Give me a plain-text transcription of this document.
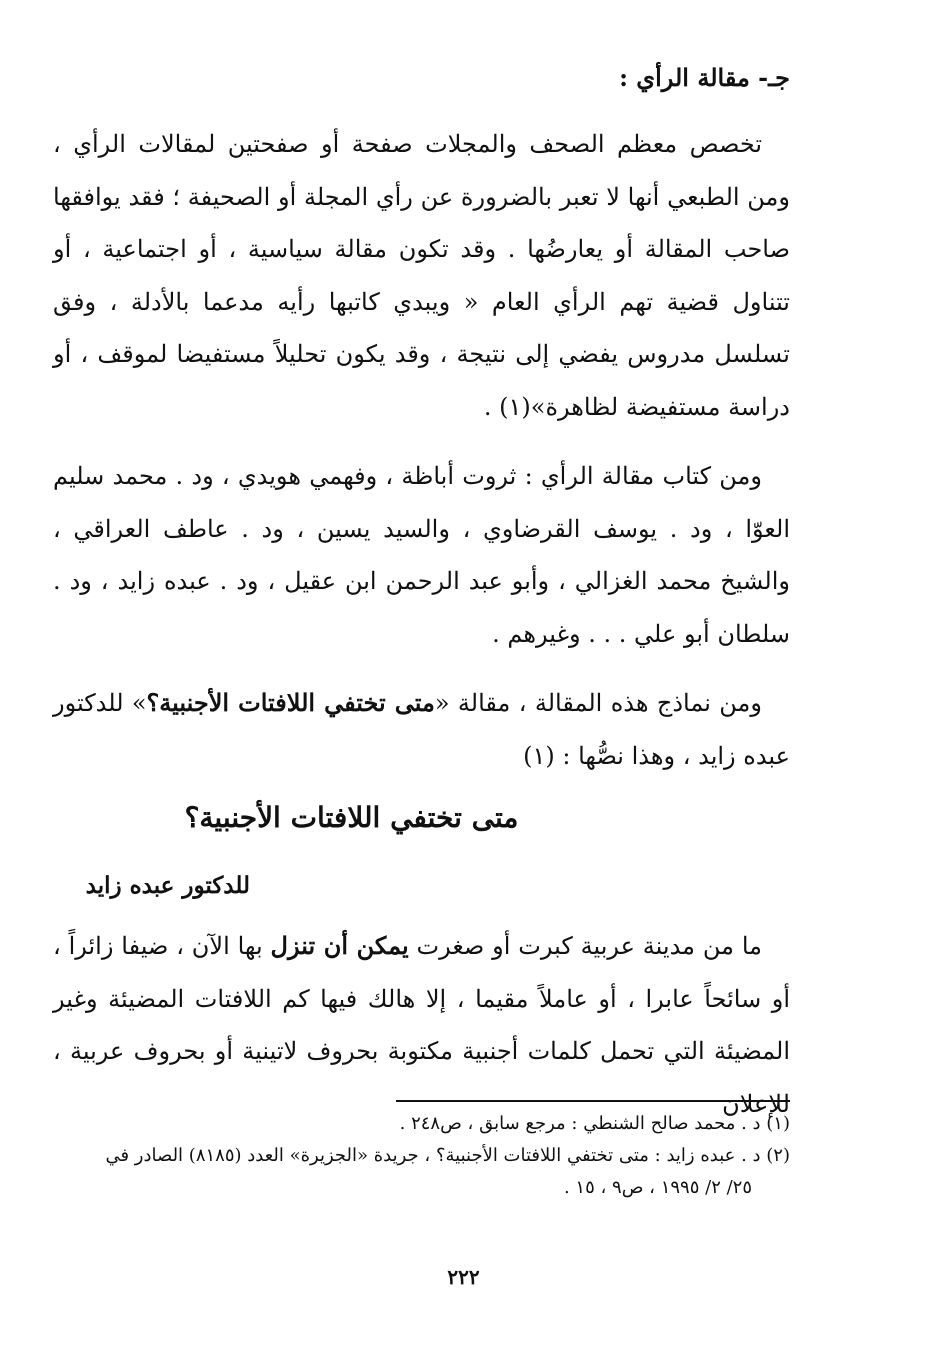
جـ- مقالة الرأي :

تخصص معظم الصحف والمجلات صفحة أو صفحتين لمقالات الرأي ، ومن الطبعي أنها لا تعبر بالضرورة عن رأي المجلة أو الصحيفة ؛ فقد يوافقها صاحب المقالة أو يعارضُها . وقد تكون مقالة سياسية ، أو اجتماعية ، أو تتناول قضية تهم الرأي العام « ويبدي كاتبها رأيه مدعما بالأدلة ، وفق تسلسل مدروس يفضي إلى نتيجة ، وقد يكون تحليلاً مستفيضا لموقف ، أو دراسة مستفيضة لظاهرة»(١) .

ومن كتاب مقالة الرأي : ثروت أباظة ، وفهمي هويدي ، ود . محمد سليم العوّا ، ود . يوسف القرضاوي ، والسيد يسين ، ود . عاطف العراقي ، والشيخ محمد الغزالي ، وأبو عبد الرحمن ابن عقيل ، ود . عبده زايد ، ود . سلطان أبو علي . . . وغيرهم .

ومن نماذج هذه المقالة ، مقالة «متى تختفي اللافتات الأجنبية؟» للدكتور عبده زايد ، وهذا نصُّها : (١)

متى تختفي اللافتات الأجنبية؟
للدكتور عبده زايد

ما من مدينة عربية كبرت أو صغرت يمكن أن تنزل بها الآن ، ضيفا زائراً ، أو سائحاً عابرا ، أو عاملاً مقيما ، إلا هالك فيها كم اللافتات المضيئة وغير المضيئة التي تحمل كلمات أجنبية مكتوبة بحروف لاتينية أو بحروف عربية ، للإعلان

(١) د . محمد صالح الشنطي : مرجع سابق ، ص٢٤٨ .

(٢) د . عبده زايد : متى تختفي اللافتات الأجنبية؟ ، جريدة «الجزيرة» العدد (٨١٨٥) الصادر في

٢٥/ ٢/ ١٩٩٥ ، ص٩ ، ١٥ .

٢٢٢
